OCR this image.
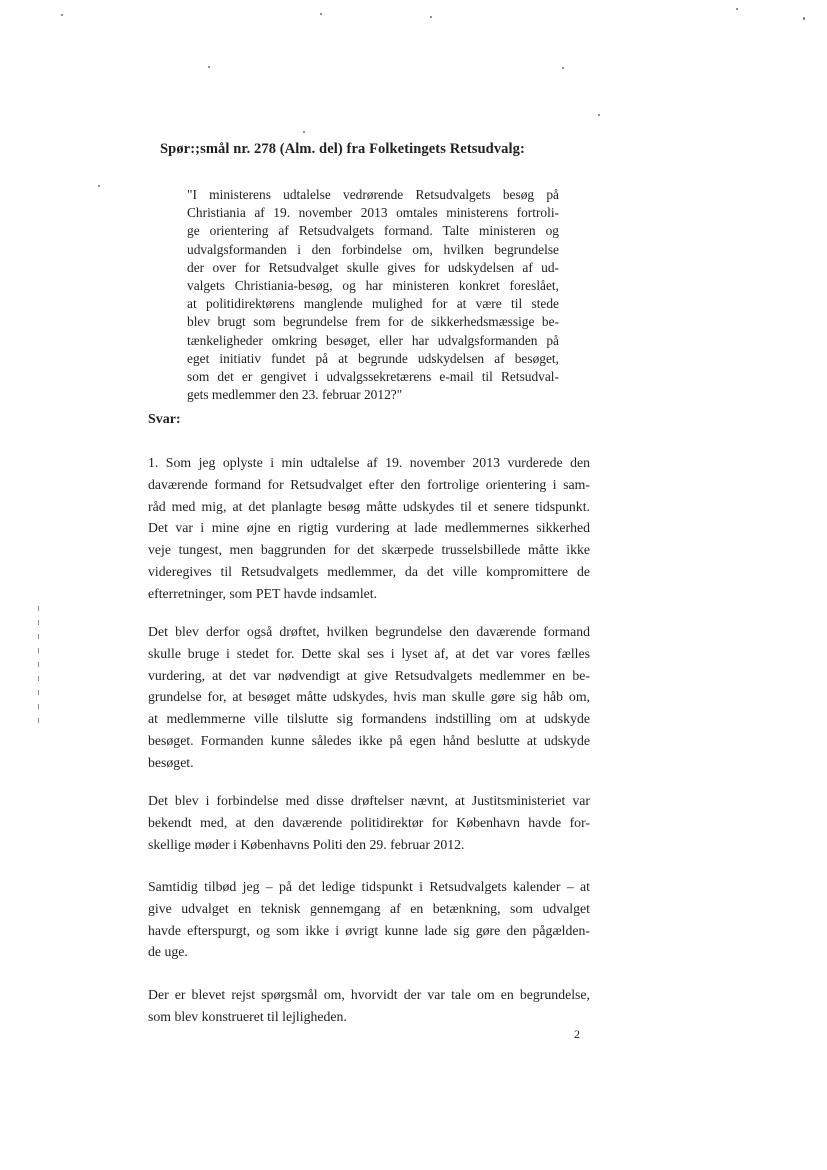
Spør:;smål nr. 278 (Alm. del) fra Folketingets Retsudvalg:
"I ministerens udtalelse vedrørende Retsudvalgets besøg på
Christiania af 19. november 2013 omtales ministerens fortroli-
ge orientering af Retsudvalgets formand. Talte ministeren og
udvalgsformanden i den forbindelse om, hvilken begrundelse
der over for Retsudvalget skulle gives for udskydelsen af ud-
valgets Christiania-besøg, og har ministeren konkret foreslået,
at politidirektørens manglende mulighed for at være til stede
blev brugt som begrundelse frem for de sikkerhedsmæssige be-
tænkeligheder omkring besøget, eller har udvalgsformanden på
eget initiativ fundet på at begrunde udskydelsen af besøget,
som det er gengivet i udvalgssekretærens e-mail til Retsudval-
gets medlemmer den 23. februar 2012?"
Svar:
1. Som jeg oplyste i min udtalelse af 19. november 2013 vurderede den
daværende formand for Retsudvalget efter den fortrolige orientering i sam-
råd med mig, at det planlagte besøg måtte udskydes til et senere tidspunkt.
Det var i mine øjne en rigtig vurdering at lade medlemmernes sikkerhed
veje tungest, men baggrunden for det skærpede trusselsbillede måtte ikke
videregives til Retsudvalgets medlemmer, da det ville kompromittere de
efterretninger, som PET havde indsamlet.
Det blev derfor også drøftet, hvilken begrundelse den daværende formand
skulle bruge i stedet for. Dette skal ses i lyset af, at det var vores fælles
vurdering, at det var nødvendigt at give Retsudvalgets medlemmer en be-
grundelse for, at besøget måtte udskydes, hvis man skulle gøre sig håb om,
at medlemmerne ville tilslutte sig formandens indstilling om at udskyde
besøget. Formanden kunne således ikke på egen hånd beslutte at udskyde
besøget.
Det blev i forbindelse med disse drøftelser nævnt, at Justitsministeriet var
bekendt med, at den daværende politidirektør for København havde for-
skellige møder i Københavns Politi den 29. februar 2012.
Samtidig tilbød jeg – på det ledige tidspunkt i Retsudvalgets kalender – at
give udvalget en teknisk gennemgang af en betænkning, som udvalget
havde efterspurgt, og som ikke i øvrigt kunne lade sig gøre den pågælden-
de uge.
Der er blevet rejst spørgsmål om, hvorvidt der var tale om en begrundelse,
som blev konstrueret til lejligheden.
2
